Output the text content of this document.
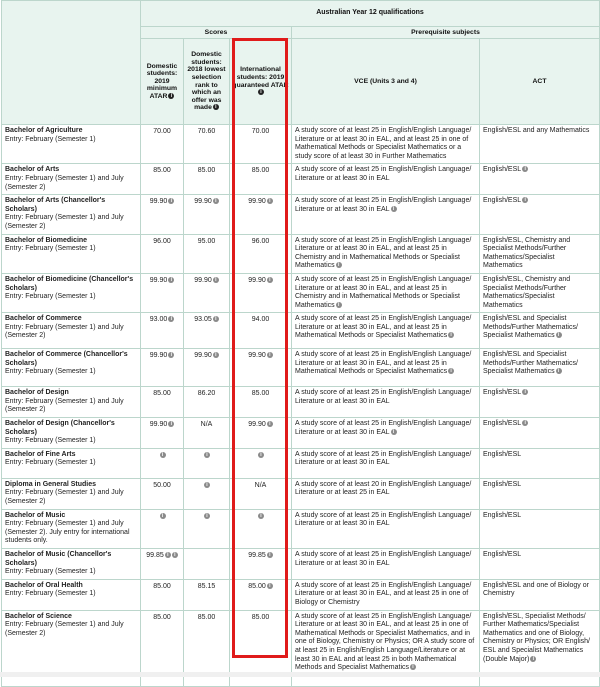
	Australian Year 12 qualifications				
	Scores			Prerequisite subjects	
	Domestic students: 2019 minimum ATAR i	Domestic students: 2018 lowest selection rank to which an offer was made i	International students: 2019 guaranteed ATARi	VCE (Units 3 and 4)	ACT

Bachelor of Agriculture
Entry: February (Semester 1)	70.00	70.60	70.00	A study score of at least 25 in English/English Language/ Literature or at least 30 in EAL, and at least 25 in one of Mathematical Methods or Specialist Mathematics or a study score of at least 30 in Further Mathematics	English/ESL and any Mathematics

Bachelor of Arts
Entry: February (Semester 1) and July (Semester 2)	85.00	85.00	85.00	A study score of at least 25 in English/English Language/ Literature or at least 30 in EAL	English/ESL i

Bachelor of Arts (Chancellor's Scholars)
Entry: February (Semester 1) and July (Semester 2)	99.90 i	99.90 i	99.90 i	A study score of at least 25 in English/English Language/ Literature or at least 30 in EAL i	English/ESL i

Bachelor of Biomedicine
Entry: February (Semester 1)	96.00	95.00	96.00	A study score of at least 25 in English/English Language/ Literature or at least 30 in EAL, and at least 25 in Chemistry and in Mathematical Methods or Specialist Mathematics i	English/ESL, Chemistry and Specialist Methods/Further Mathematics/Specialist Mathematics

Bachelor of Biomedicine (Chancellor's Scholars)
Entry: February (Semester 1)	99.90 i	99.90 i	99.90 i	A study score of at least 25 in English/English Language/ Literature or at least 30 in EAL, and at least 25 in Chemistry and in Mathematical Methods or Specialist Mathematics i	English/ESL, Chemistry and Specialist Methods/Further Mathematics/Specialist Mathematics

Bachelor of Commerce
Entry: February (Semester 1) and July (Semester 2)	93.00 i	93.05 i	94.00	A study score of at least 25 in English/English Language/ Literature or at least 30 in EAL, and at least 25 in Mathematical Methods or Specialist Mathematics i	English/ESL and Specialist Methods/Further Mathematics/ Specialist Mathematics i

Bachelor of Commerce (Chancellor's Scholars)
Entry: February (Semester 1)	99.90 i	99.90 i	99.90 i	A study score of at least 25 in English/English Language/ Literature or at least 30 in EAL, and at least 25 in Mathematical Methods or Specialist Mathematics i	English/ESL and Specialist Methods/Further Mathematics/ Specialist Mathematics i

Bachelor of Design
Entry: February (Semester 1) and July (Semester 2)	85.00	86.20	85.00	A study score of at least 25 in English/English Language/ Literature or at least 30 in EAL	English/ESL i

Bachelor of Design (Chancellor's Scholars)
Entry: February (Semester 1)	99.90 i	N/A	99.90 i	A study score of at least 25 in English/English Language/ Literature or at least 30 in EAL i	English/ESL i

Bachelor of Fine Arts
Entry: February (Semester 1)	i	i	i	A study score of at least 25 in English/English Language/ Literature or at least 30 in EAL	English/ESL

Diploma in General Studies
Entry: February (Semester 1) and July (Semester 2)	50.00	i	N/A	A study score of at least 20 in English/English Language/ Literature or at least 25 in EAL	English/ESL

Bachelor of Music
Entry: February (Semester 1) and July (Semester 2). July entry for international students only.	i	i	i	A study score of at least 25 in English/English Language/ Literature or at least 30 in EAL	English/ESL

Bachelor of Music (Chancellor's Scholars)
Entry: February (Semester 1)	99.85 i i		99.85 i	A study score of at least 25 in English/English Language/ Literature or at least 30 in EAL	English/ESL

Bachelor of Oral Health
Entry: February (Semester 1)	85.00	85.15	85.00 i	A study score of at least 25 in English/English Language/ Literature or at least 30 in EAL, and at least 25 in one of Biology or Chemistry	English/ESL and one of Biology or Chemistry

Bachelor of Science
Entry: February (Semester 1) and July (Semester 2)	85.00	85.00	85.00	A study score of at least 25 in English/English Language/ Literature or at least 30 in EAL, and at least 25 in one of Mathematical Methods or Specialist Mathematics, and in one of Biology, Chemistry or Physics; OR A study score of at least 25 in English/English Language/Literature or at least 30 in EAL and at least 25 in both Mathematical Methods and Specialist Mathematics i	English/ESL, Specialist Methods/ Further Mathematics/Specialist Mathematics and one of Biology, Chemistry or Physics; OR English/ ESL and Specialist Mathematics (Double Major) i
